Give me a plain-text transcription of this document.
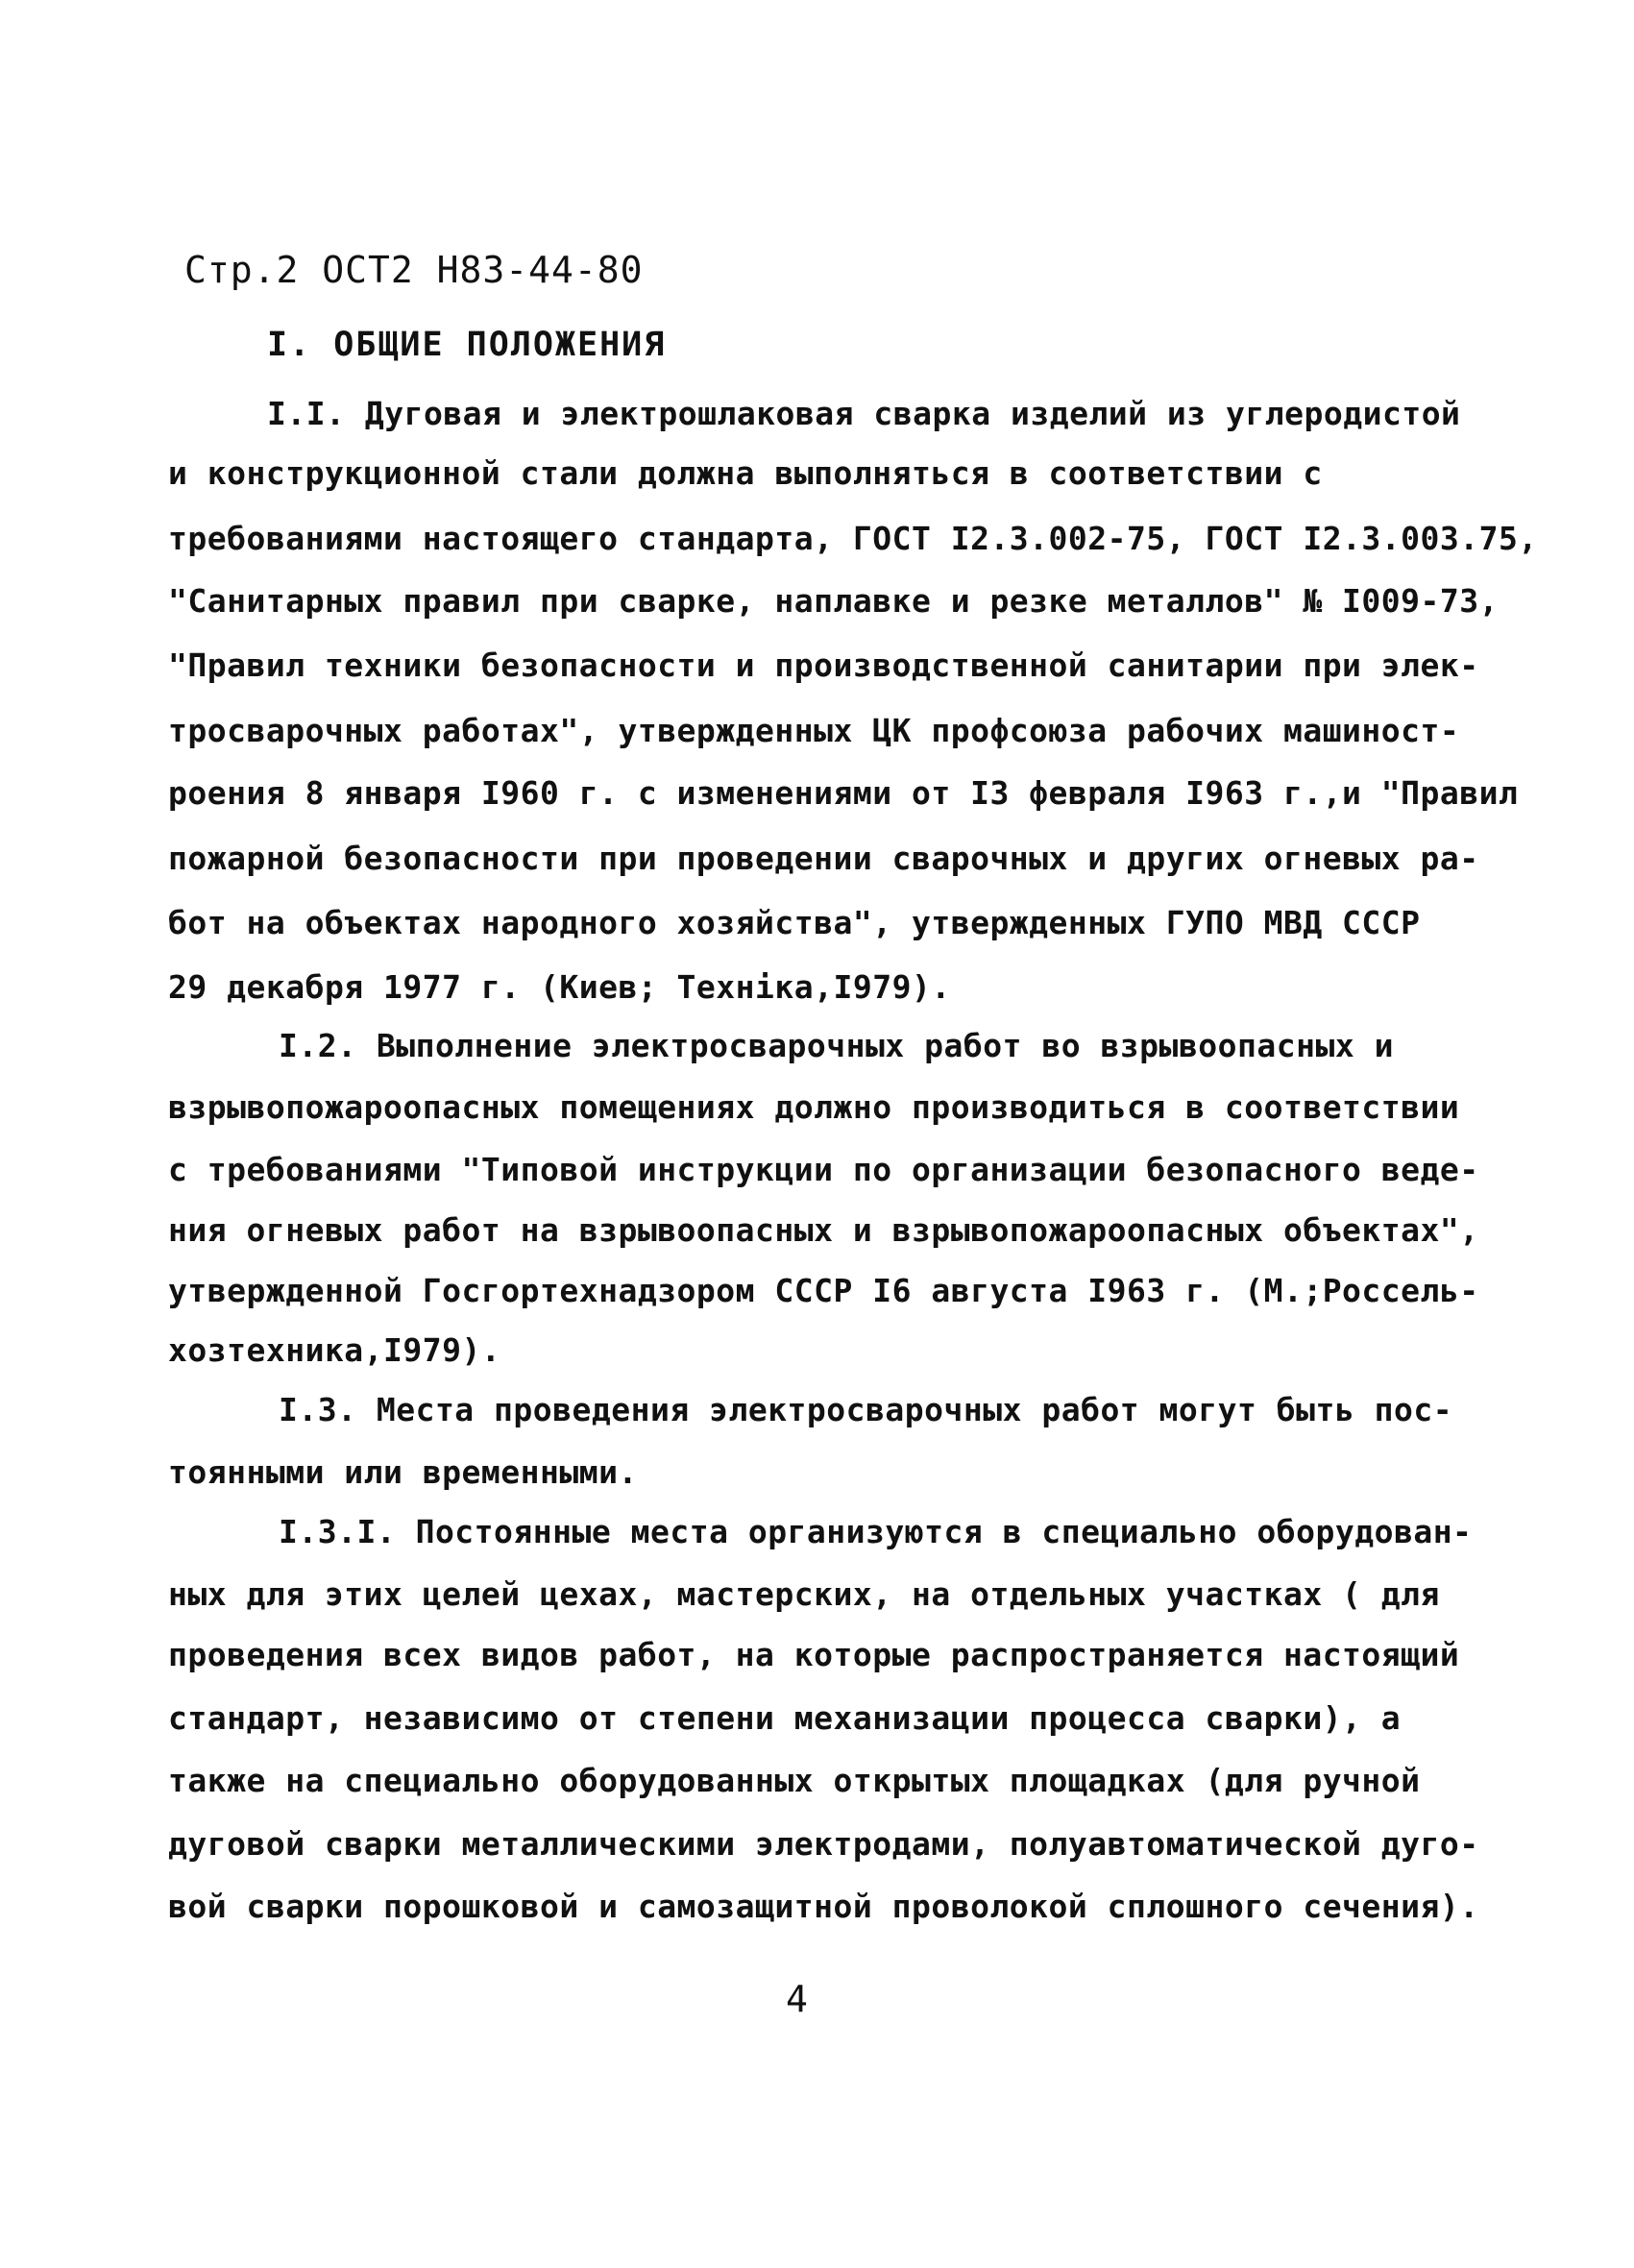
Стр.2 ОСТ2 Н83-44-80
I. ОБЩИЕ ПОЛОЖЕНИЯ
I.I. Дуговая и электрошлаковая сварка изделий из углеродистой
и конструкционной стали должна выполняться в соответствии с
требованиями настоящего стандарта, ГОСТ I2.3.002-75, ГОСТ I2.3.003.75,
"Санитарных правил при сварке, наплавке и резке металлов" № I009-73,
"Правил техники безопасности и производственной санитарии при элек-
тросварочных работах", утвержденных ЦК профсоюза рабочих машиност-
роения 8 января I960 г. с изменениями от I3 февраля I963 г.,и "Правил
пожарной безопасности при проведении сварочных и других огневых ра-
бот на объектах народного хозяйства", утвержденных ГУПО МВД СССР
29 декабря 1977 г. (Киев; Технiка,I979).
I.2. Выполнение электросварочных работ во взрывоопасных и
взрывопожароопасных помещениях должно производиться в соответствии
с требованиями "Типовой инструкции по организации безопасного веде-
ния огневых работ на взрывоопасных и взрывопожароопасных объектах",
утвержденной Госгортехнадзором СССР I6 августа I963 г. (М.;Россель-
хозтехника,I979).
I.3. Места проведения электросварочных работ могут быть пос-
тоянными или временными.
I.3.I. Постоянные места организуются в специально оборудован-
ных для этих целей цехах, мастерских, на отдельных участках ( для
проведения всех видов работ, на которые распространяется настоящий
стандарт, независимо от степени механизации процесса сварки), а
также на специально оборудованных открытых площадках (для ручной
дуговой сварки металлическими электродами, полуавтоматической дуго-
вой сварки порошковой и самозащитной проволокой сплошного сечения).
4
